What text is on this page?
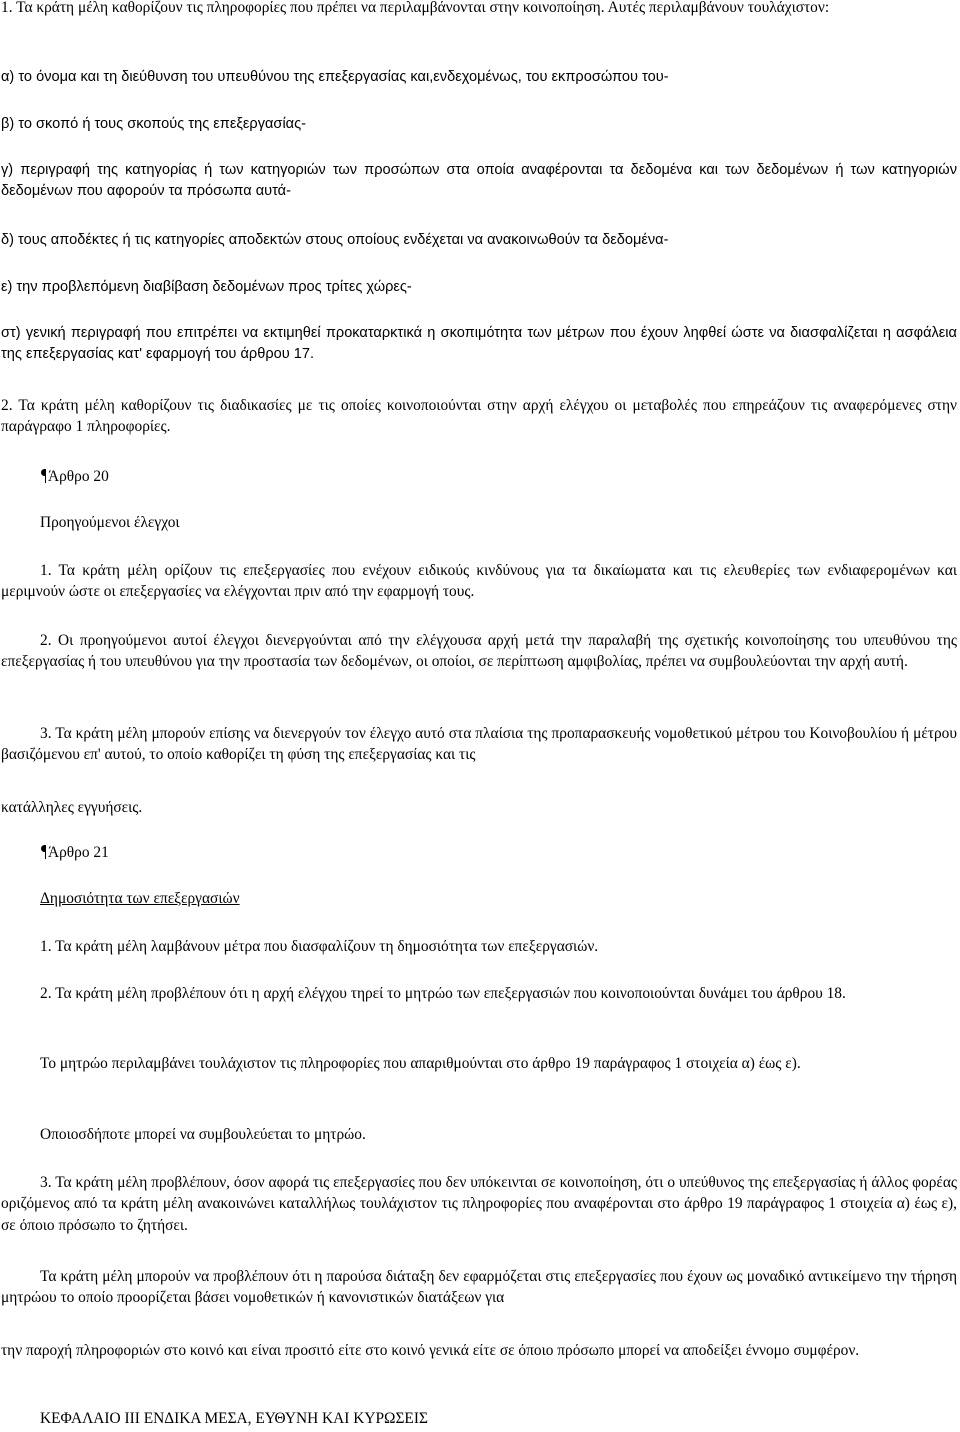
1. Τα κράτη μέλη καθορίζουν τις πληροφορίες που πρέπει να περιλαμβάνονται στην κοινοποίηση. Αυτές περιλαμβάνουν τουλάχιστον:

α) το όνομα και τη διεύθυνση του υπευθύνου της επεξεργασίας και,ενδεχομένως, του εκπροσώπου του-

β) το σκοπό ή τους σκοπούς της επεξεργασίας-

γ) περιγραφή της κατηγορίας ή των κατηγοριών των προσώπων στα οποία αναφέρονται τα δεδομένα και των δεδομένων ή των κατηγοριών δεδομένων που αφορούν τα πρόσωπα αυτά-

δ) τους αποδέκτες ή τις κατηγορίες αποδεκτών στους οποίους ενδέχεται να ανακοινωθούν τα δεδομένα-

ε) την προβλεπόμενη διαβίβαση δεδομένων προς τρίτες χώρες-

στ) γενική περιγραφή που επιτρέπει να εκτιμηθεί προκαταρκτικά η σκοπιμότητα των μέτρων που έχουν ληφθεί ώστε να διασφαλίζεται η ασφάλεια της επεξεργασίας κατ' εφαρμογή του άρθρου 17.

2. Τα κράτη μέλη καθορίζουν τις διαδικασίες με τις οποίες κοινοποιούνται στην αρχή ελέγχου οι μεταβολές που επηρεάζουν τις αναφερόμενες στην παράγραφο 1 πληροφορίες.

Άρθρο 20

Προηγούμενοι έλεγχοι

1. Τα κράτη μέλη ορίζουν τις επεξεργασίες που ενέχουν ειδικούς κινδύνους για τα δικαίωματα και τις ελευθερίες των ενδιαφερομένων και μεριμνούν ώστε οι επεξεργασίες να ελέγχονται πριν από την εφαρμογή τους.

2. Οι προηγούμενοι αυτοί έλεγχοι διενεργούνται από την ελέγχουσα αρχή μετά την παραλαβή της σχετικής κοινοποίησης του υπευθύνου της επεξεργασίας ή του υπευθύνου για την προστασία των δεδομένων, οι οποίοι, σε περίπτωση αμφιβολίας, πρέπει να συμβουλεύονται την αρχή αυτή.

3. Τα κράτη μέλη μπορούν επίσης να διενεργούν τον έλεγχο αυτό στα πλαίσια της προπαρασκευής νομοθετικού μέτρου του Κοινοβουλίου ή μέτρου βασιζόμενου επ' αυτού, το οποίο καθορίζει τη φύση της επεξεργασίας και τις

κατάλληλες εγγυήσεις.

Άρθρο 21

Δημοσιότητα των επεξεργασιών

1. Τα κράτη μέλη λαμβάνουν μέτρα που διασφαλίζουν τη δημοσιότητα των επεξεργασιών.

2. Τα κράτη μέλη προβλέπουν ότι η αρχή ελέγχου τηρεί το μητρώο των επεξεργασιών που κοινοποιούνται δυνάμει του άρθρου 18.

Το μητρώο περιλαμβάνει τουλάχιστον τις πληροφορίες που απαριθμούνται στο άρθρο 19 παράγραφος 1 στοιχεία α) έως ε).

Οποιοσδήποτε μπορεί να συμβουλεύεται το μητρώο.

3. Τα κράτη μέλη προβλέπουν, όσον αφορά τις επεξεργασίες που δεν υπόκεινται σε κοινοποίηση, ότι ο υπεύθυνος της επεξεργασίας ή άλλος φορέας οριζόμενος από τα κράτη μέλη ανακοινώνει καταλλήλως τουλάχιστον τις πληροφορίες που αναφέρονται στο άρθρο 19 παράγραφος 1 στοιχεία α) έως ε), σε όποιο πρόσωπο το ζητήσει.

Τα κράτη μέλη μπορούν να προβλέπουν ότι η παρούσα διάταξη δεν εφαρμόζεται στις επεξεργασίες που έχουν ως μοναδικό αντικείμενο την τήρηση μητρώου το οποίο προορίζεται βάσει νομοθετικών ή κανονιστικών διατάξεων για

την παροχή πληροφοριών στο κοινό και είναι προσιτό είτε στο κοινό γενικά είτε σε όποιο πρόσωπο μπορεί να αποδείξει έννομο συμφέρον.

ΚΕΦΑΛΑΙΟ ΙΙΙ ΕΝΔΙΚΑ ΜΕΣΑ, ΕΥΘΥΝΗ ΚΑΙ ΚΥΡΩΣΕΙΣ
